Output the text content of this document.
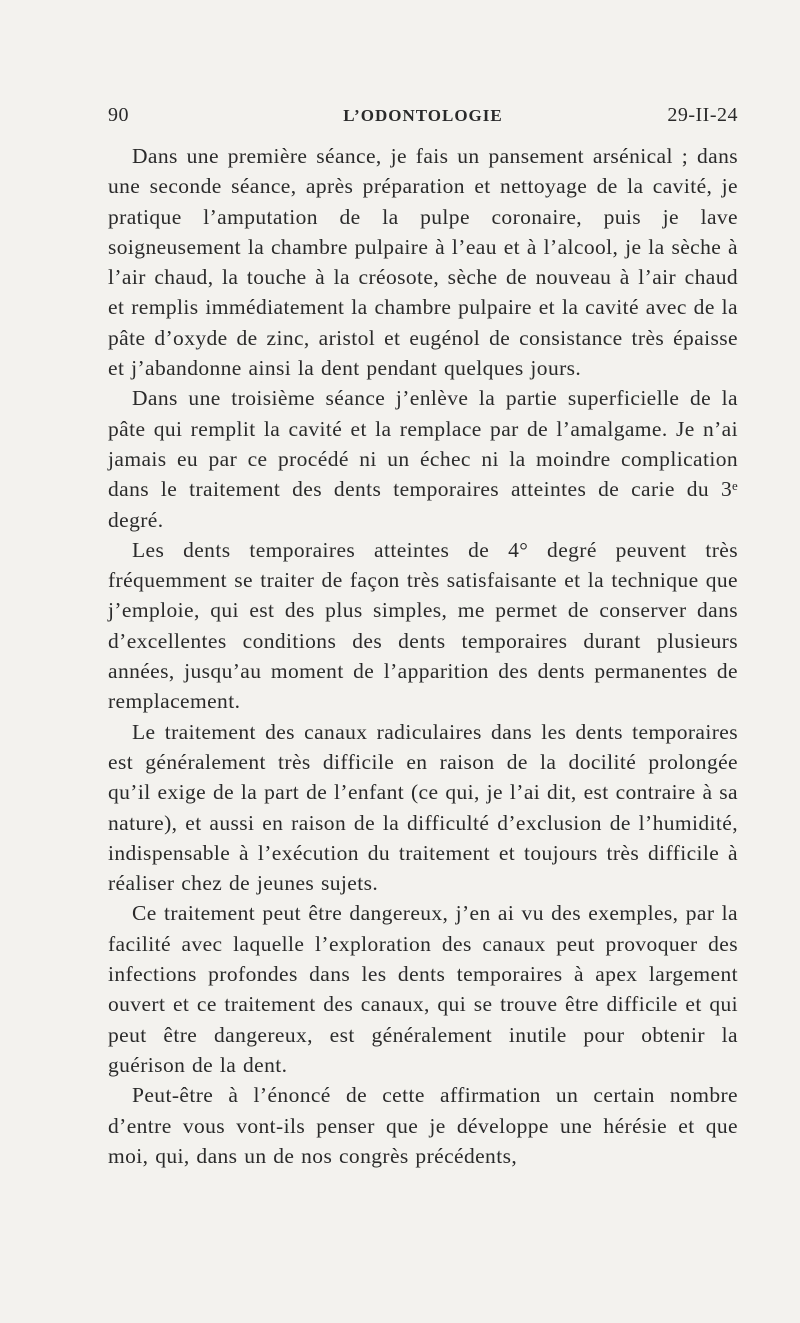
90	L’ODONTOLOGIE	29-II-24

Dans une première séance, je fais un pansement arsénical ; dans une seconde séance, après préparation et nettoyage de la cavité, je pratique l’amputation de la pulpe coronaire, puis je lave soigneusement la chambre pulpaire à l’eau et à l’alcool, je la sèche à l’air chaud, la touche à la créosote, sèche de nouveau à l’air chaud et remplis immédiatement la chambre pulpaire et la cavité avec de la pâte d’oxyde de zinc, aristol et eugénol de consistance très épaisse et j’abandonne ainsi la dent pendant quelques jours.

Dans une troisième séance j’enlève la partie superficielle de la pâte qui remplit la cavité et la remplace par de l’amalgame. Je n’ai jamais eu par ce procédé ni un échec ni la moindre complication dans le traitement des dents temporaires atteintes de carie du 3ᵉ degré.

Les dents temporaires atteintes de 4° degré peuvent très fréquemment se traiter de façon très satisfaisante et la technique que j’emploie, qui est des plus simples, me permet de conserver dans d’excellentes conditions des dents temporaires durant plusieurs années, jusqu’au moment de l’apparition des dents permanentes de remplacement.

Le traitement des canaux radiculaires dans les dents temporaires est généralement très difficile en raison de la docilité prolongée qu’il exige de la part de l’enfant (ce qui, je l’ai dit, est contraire à sa nature), et aussi en raison de la difficulté d’exclusion de l’humidité, indispensable à l’exécution du traitement et toujours très difficile à réaliser chez de jeunes sujets.

Ce traitement peut être dangereux, j’en ai vu des exemples, par la facilité avec laquelle l’exploration des canaux peut provoquer des infections profondes dans les dents temporaires à apex largement ouvert et ce traitement des canaux, qui se trouve être difficile et qui peut être dangereux, est généralement inutile pour obtenir la guérison de la dent.

Peut-être à l’énoncé de cette affirmation un certain nombre d’entre vous vont-ils penser que je développe une hérésie et que moi, qui, dans un de nos congrès précédents,
